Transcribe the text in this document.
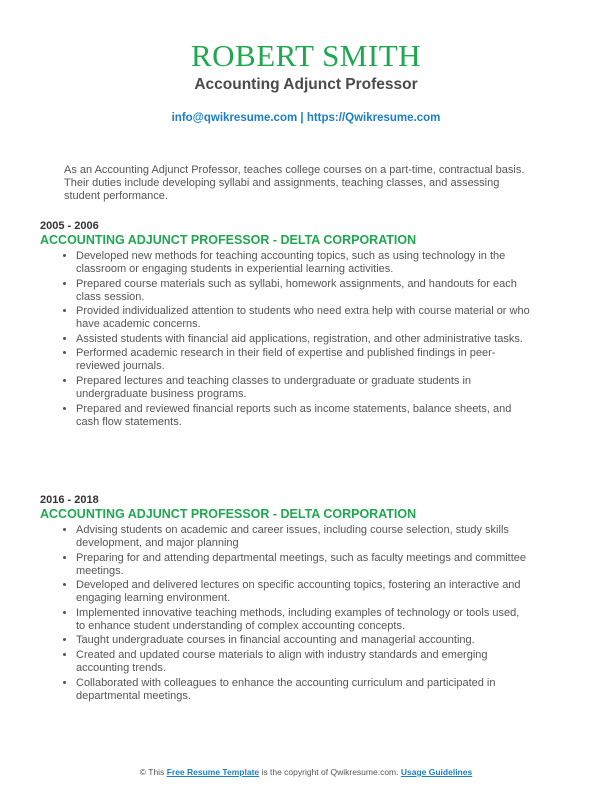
ROBERT SMITH
Accounting Adjunct Professor
info@qwikresume.com | https://Qwikresume.com
As an Accounting Adjunct Professor, teaches college courses on a part-time, contractual basis. Their duties include developing syllabi and assignments, teaching classes, and assessing student performance.
2005 - 2006
ACCOUNTING ADJUNCT PROFESSOR - DELTA CORPORATION
• Developed new methods for teaching accounting topics, such as using technology in the classroom or engaging students in experiential learning activities.
• Prepared course materials such as syllabi, homework assignments, and handouts for each class session.
• Provided individualized attention to students who need extra help with course material or who have academic concerns.
• Assisted students with financial aid applications, registration, and other administrative tasks.
• Performed academic research in their field of expertise and published findings in peer-reviewed journals.
• Prepared lectures and teaching classes to undergraduate or graduate students in undergraduate business programs.
• Prepared and reviewed financial reports such as income statements, balance sheets, and cash flow statements.
2016 - 2018
ACCOUNTING ADJUNCT PROFESSOR - DELTA CORPORATION
• Advising students on academic and career issues, including course selection, study skills development, and major planning
• Preparing for and attending departmental meetings, such as faculty meetings and committee meetings.
• Developed and delivered lectures on specific accounting topics, fostering an interactive and engaging learning environment.
• Implemented innovative teaching methods, including examples of technology or tools used, to enhance student understanding of complex accounting concepts.
• Taught undergraduate courses in financial accounting and managerial accounting.
• Created and updated course materials to align with industry standards and emerging accounting trends.
• Collaborated with colleagues to enhance the accounting curriculum and participated in departmental meetings.
© This Free Resume Template is the copyright of Qwikresume.com. Usage Guidelines
